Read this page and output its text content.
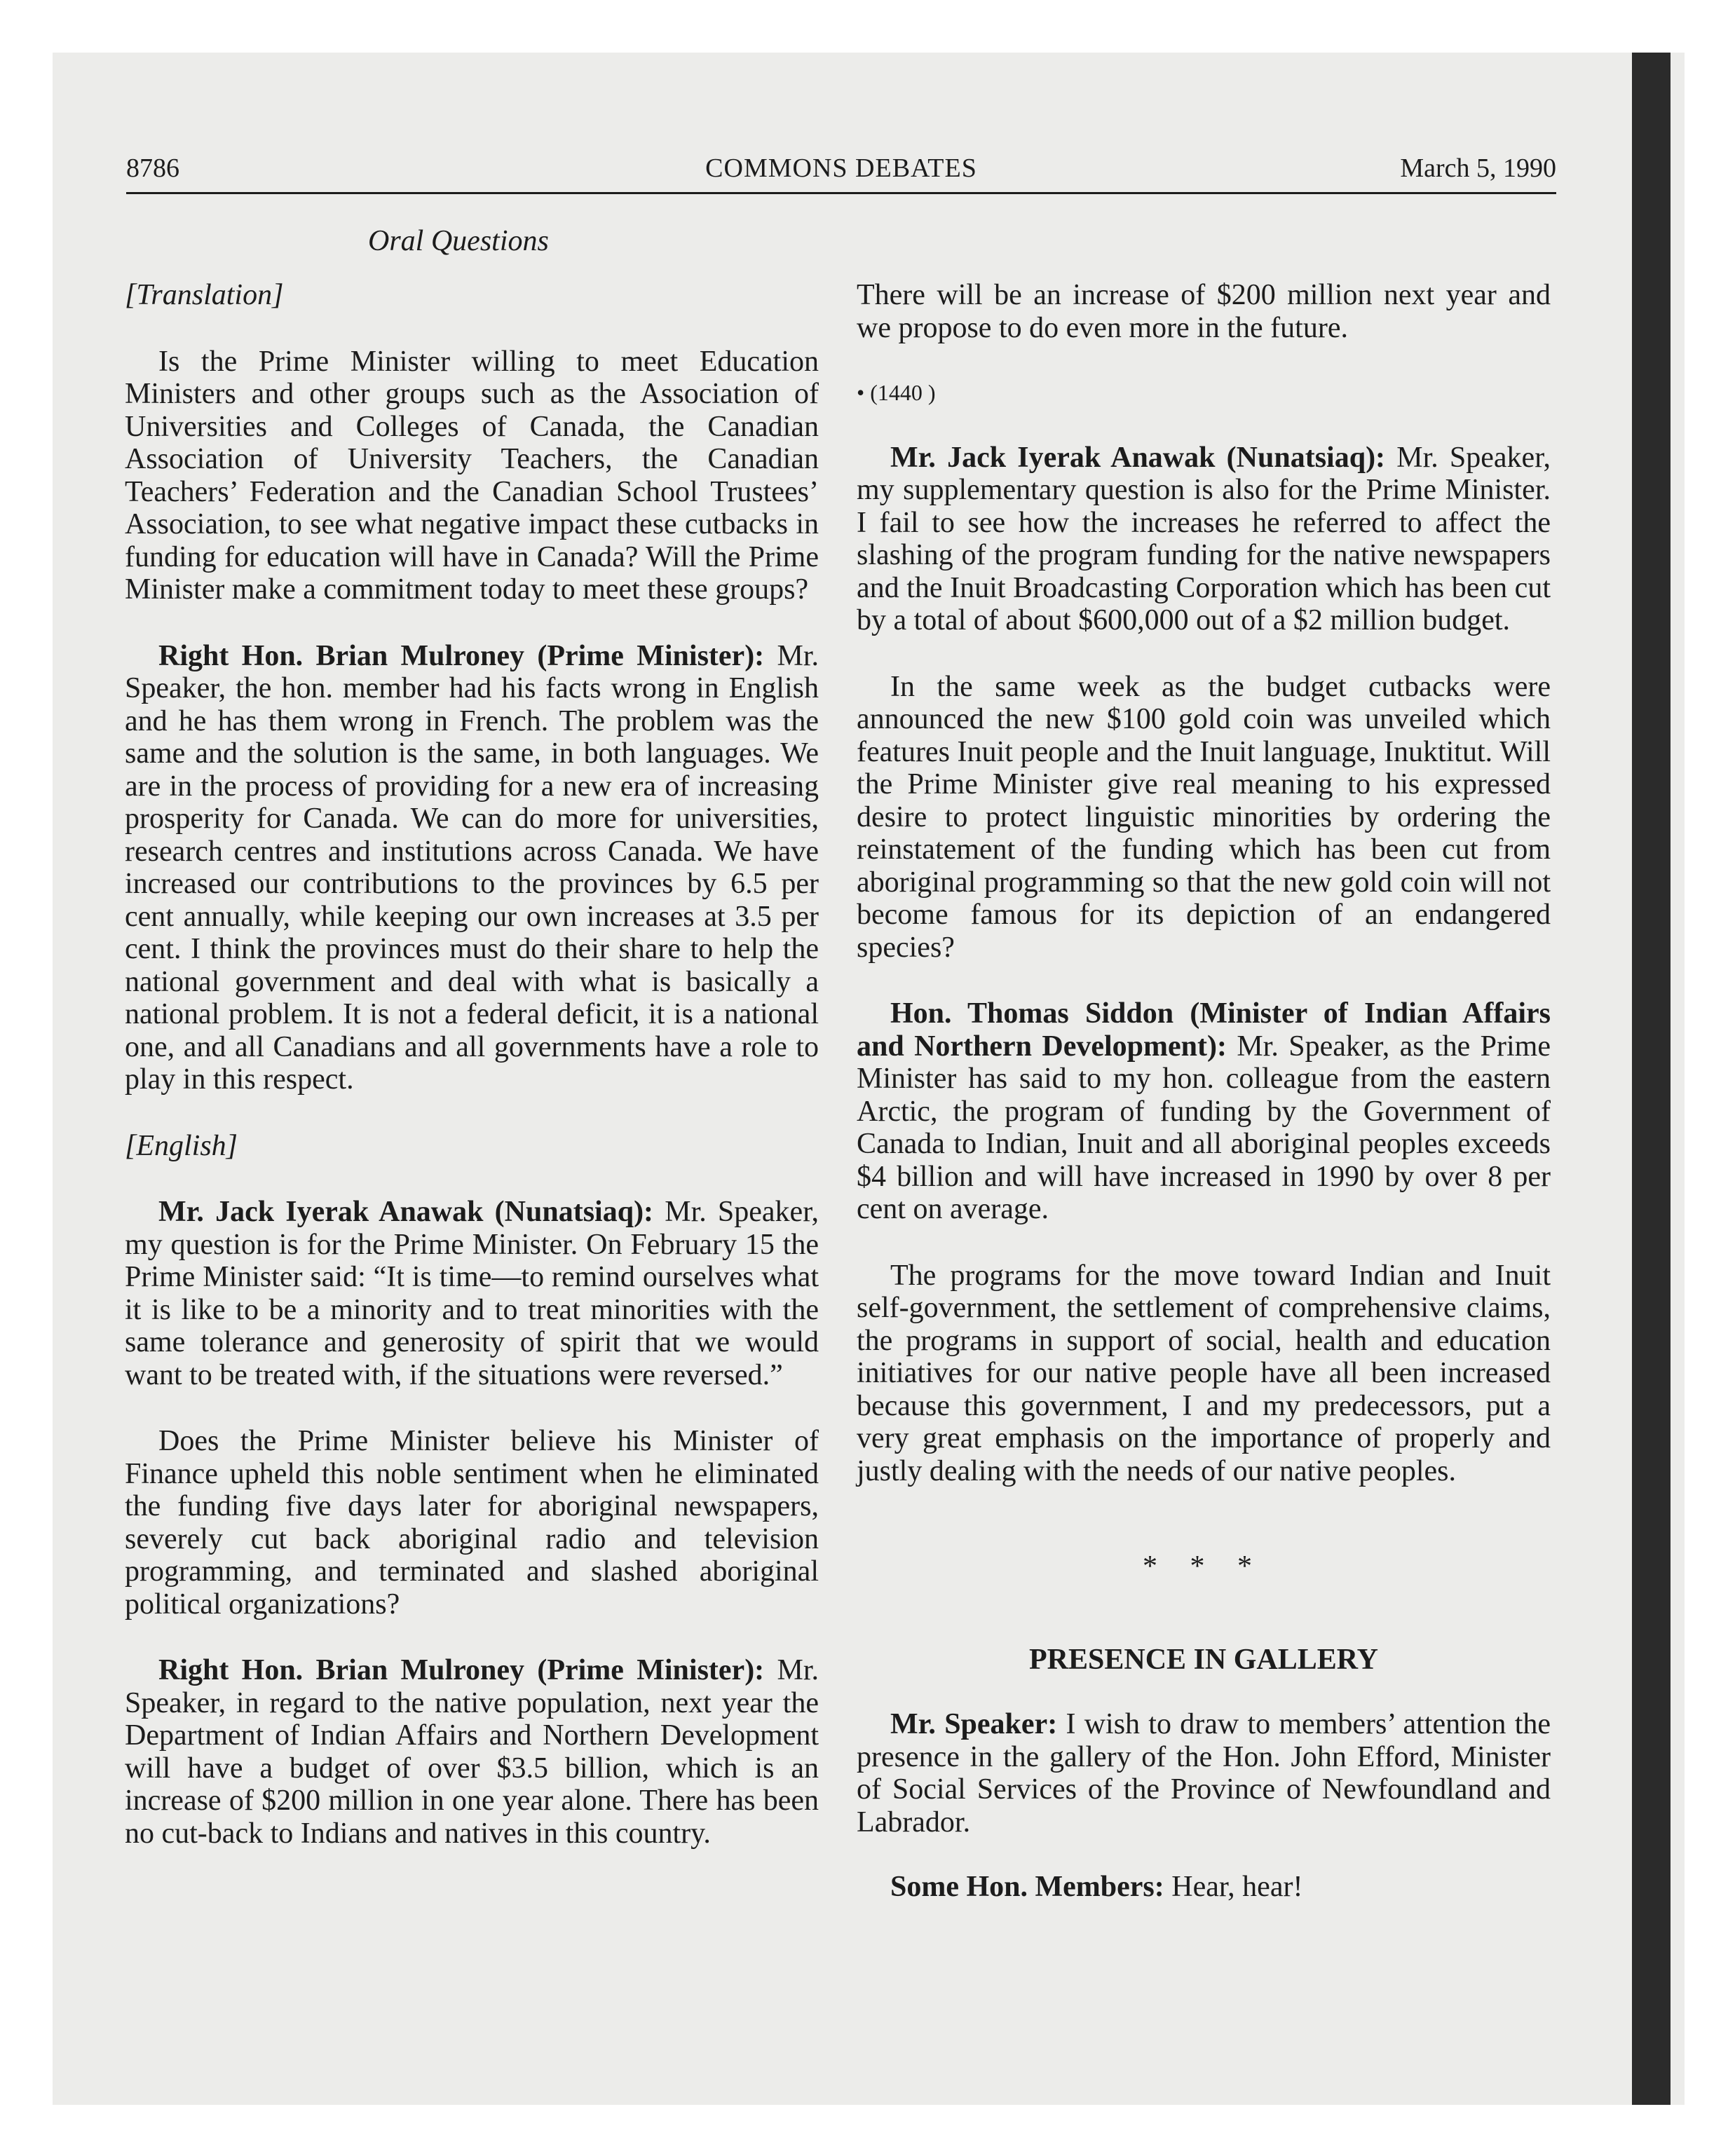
COMMONS DEBATES
8786	March 5, 1990
Oral Questions

[Translation]

Is the Prime Minister willing to meet Education Ministers and other groups such as the Association of Universities and Colleges of Canada, the Canadian Association of University Teachers, the Canadian Teachers’ Federation and the Canadian School Trustees’ Association, to see what negative impact these cutbacks in funding for education will have in Canada? Will the Prime Minister make a commitment today to meet these groups?

Right Hon. Brian Mulroney (Prime Minister): Mr. Speaker, the hon. member had his facts wrong in English and he has them wrong in French. The problem was the same and the solution is the same, in both languages. We are in the process of providing for a new era of increasing prosperity for Canada. We can do more for universities, research centres and institutions across Canada. We have increased our contributions to the provinces by 6.5 per cent annually, while keeping our own increases at 3.5 per cent. I think the provinces must do their share to help the national government and deal with what is basically a national problem. It is not a federal deficit, it is a national one, and all Canadians and all governments have a role to play in this respect.

[English]

Mr. Jack Iyerak Anawak (Nunatsiaq): Mr. Speaker, my question is for the Prime Minister. On February 15 the Prime Minister said: “It is time—to remind ourselves what it is like to be a minority and to treat minorities with the same tolerance and generosity of spirit that we would want to be treated with, if the situations were reversed.”

Does the Prime Minister believe his Minister of Finance upheld this noble sentiment when he eliminated the funding five days later for aboriginal newspapers, severely cut back aboriginal radio and television programming, and terminated and slashed aboriginal political organizations?

Right Hon. Brian Mulroney (Prime Minister): Mr. Speaker, in regard to the native population, next year the Department of Indian Affairs and Northern Development will have a budget of over $3.5 billion, which is an increase of $200 million in one year alone. There has been no cut-back to Indians and natives in this country.

There will be an increase of $200 million next year and we propose to do even more in the future.

• (1440 )

Mr. Jack Iyerak Anawak (Nunatsiaq): Mr. Speaker, my supplementary question is also for the Prime Minister. I fail to see how the increases he referred to affect the slashing of the program funding for the native newspapers and the Inuit Broadcasting Corporation which has been cut by a total of about $600,000 out of a $2 million budget.

In the same week as the budget cutbacks were announced the new $100 gold coin was unveiled which features Inuit people and the Inuit language, Inuktitut. Will the Prime Minister give real meaning to his expressed desire to protect linguistic minorities by ordering the reinstatement of the funding which has been cut from aboriginal programming so that the new gold coin will not become famous for its depiction of an endangered species?

Hon. Thomas Siddon (Minister of Indian Affairs and Northern Development): Mr. Speaker, as the Prime Minister has said to my hon. colleague from the eastern Arctic, the program of funding by the Government of Canada to Indian, Inuit and all aboriginal peoples exceeds $4 billion and will have increased in 1990 by over 8 per cent on average.

The programs for the move toward Indian and Inuit self-government, the settlement of comprehensive claims, the programs in support of social, health and education initiatives for our native people have all been increased because this government, I and my predecessors, put a very great emphasis on the importance of properly and justly dealing with the needs of our native peoples.

* * *

PRESENCE IN GALLERY

Mr. Speaker: I wish to draw to members’ attention the presence in the gallery of the Hon. John Efford, Minister of Social Services of the Province of Newfoundland and Labrador.

Some Hon. Members: Hear, hear!
